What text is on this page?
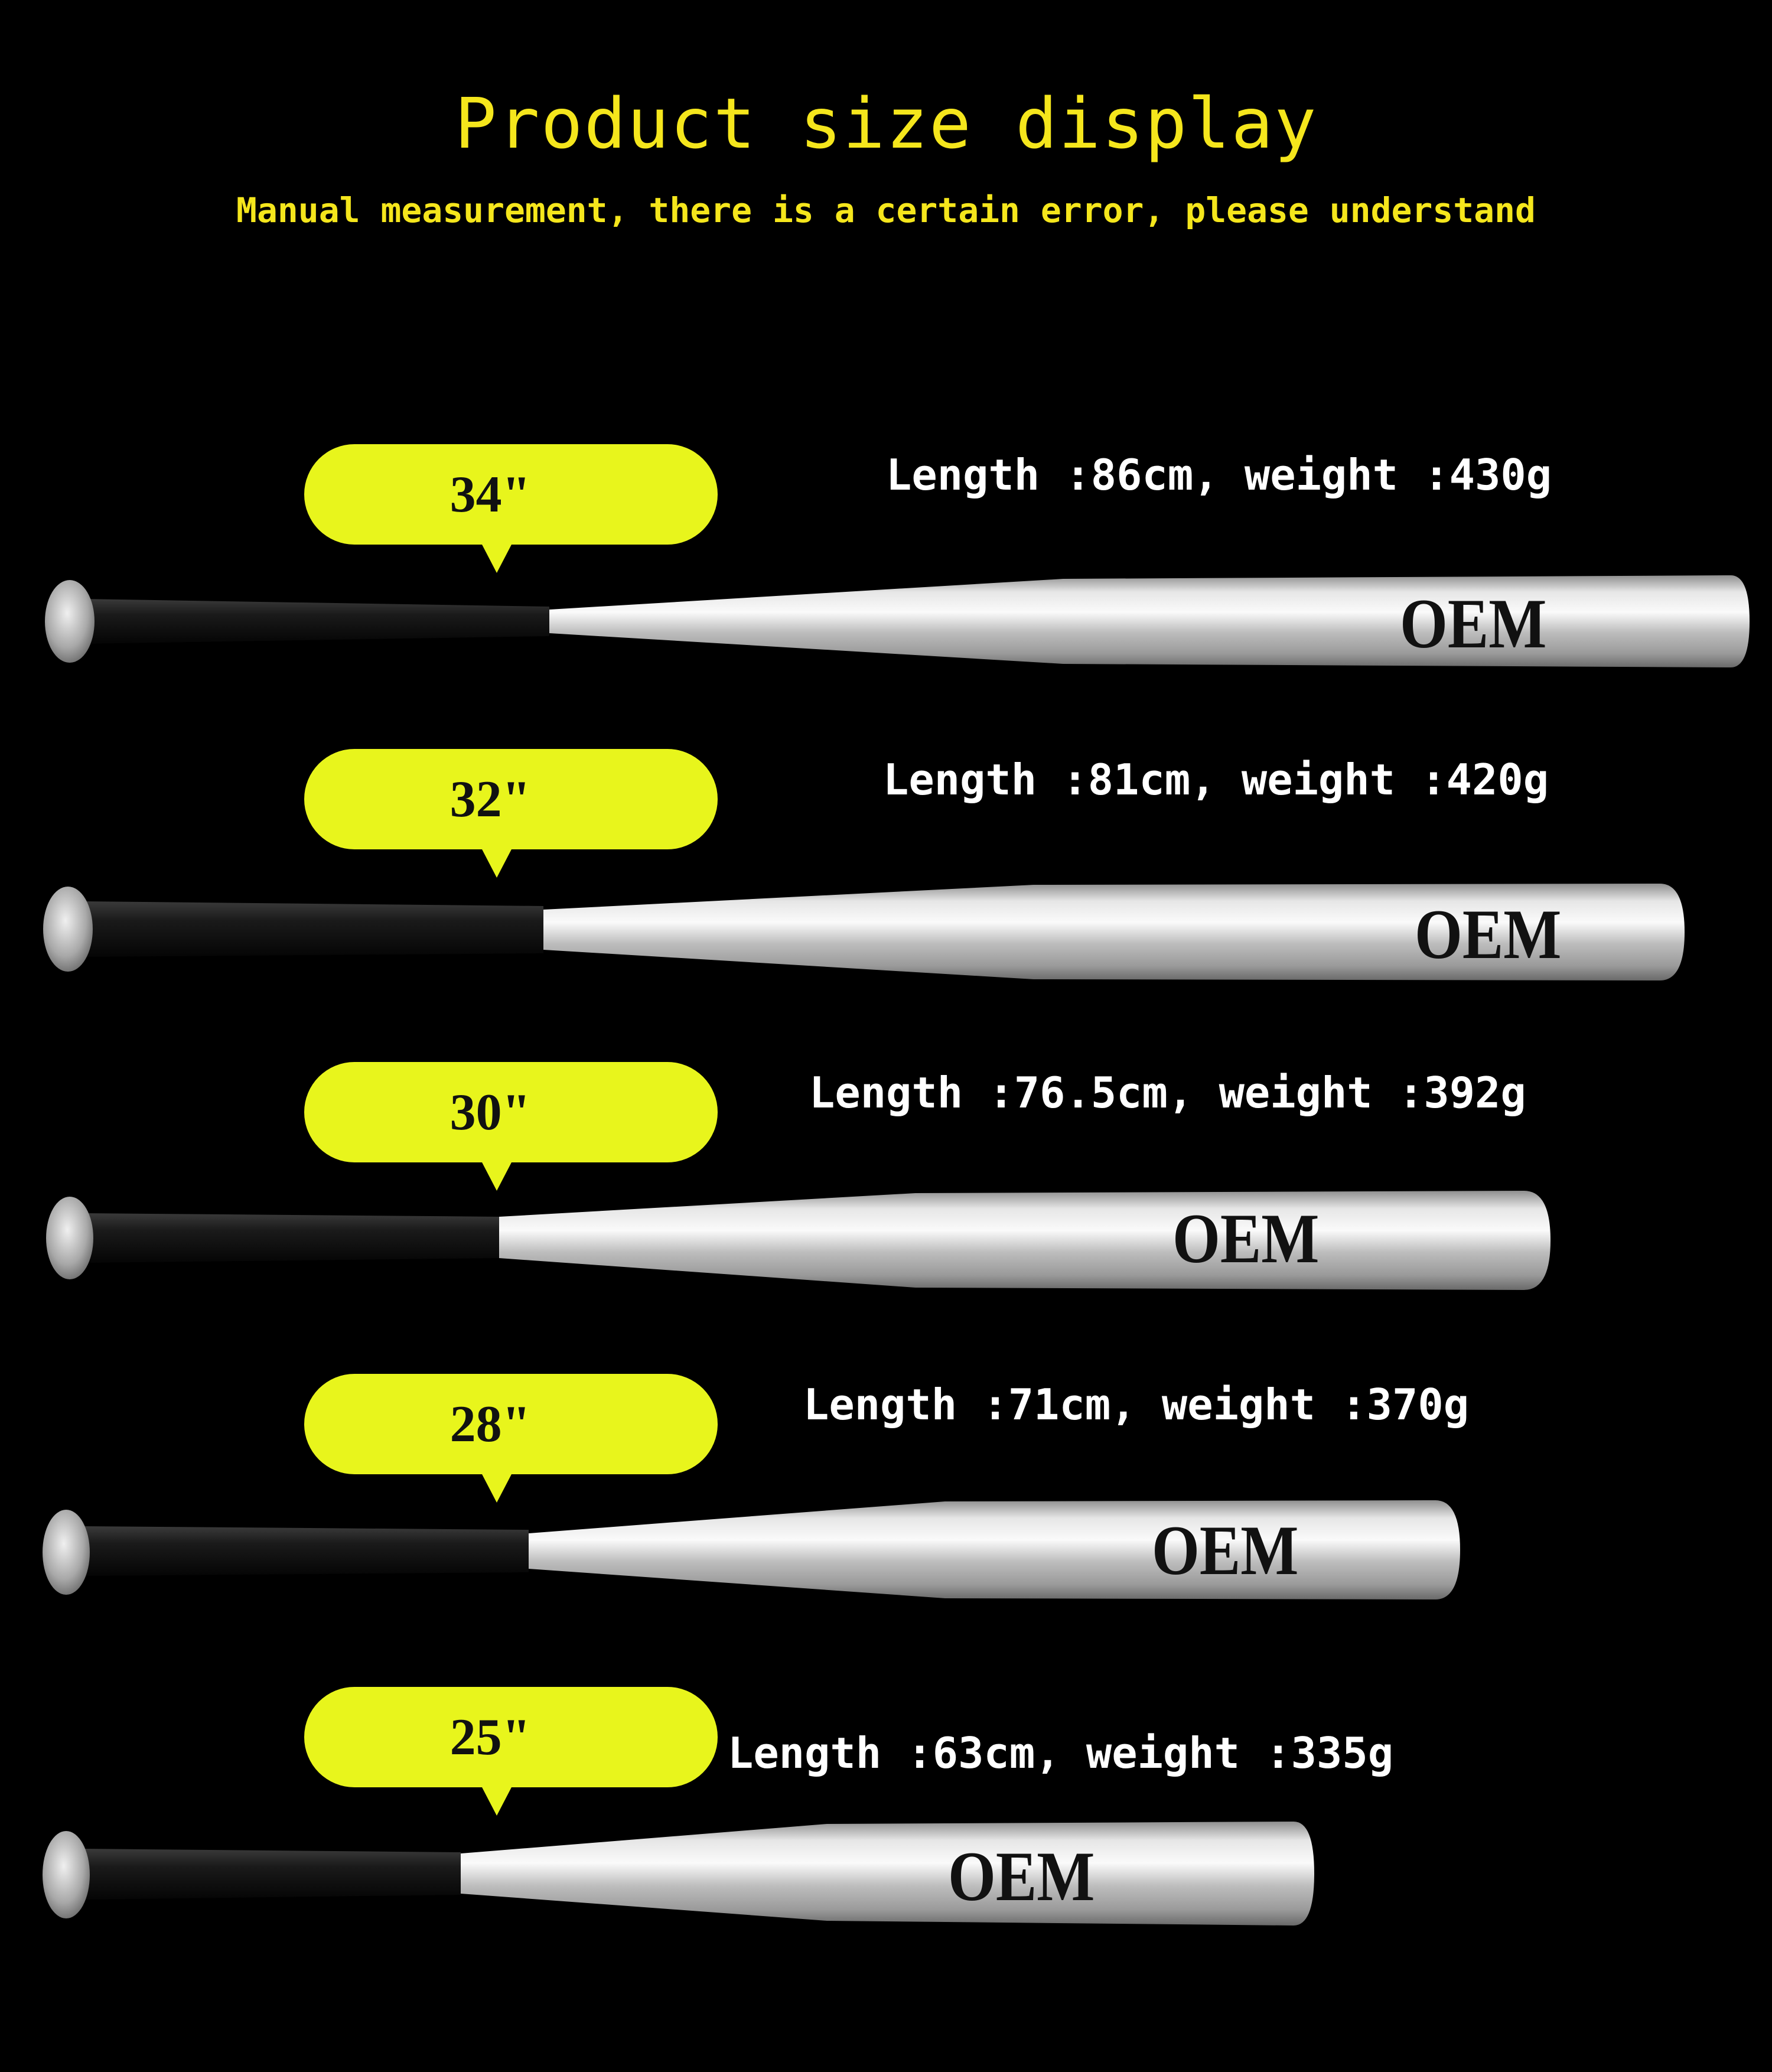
Product size display
Manual measurement, there is a certain error, please understand
34"	Length :86cm, weight :430g
OEM
32"	Length :81cm, weight :420g
OEM
30"	Length :76.5cm, weight :392g
OEM
28"	Length :71cm, weight :370g
OEM
25"	Length :63cm, weight :335g
OEM
